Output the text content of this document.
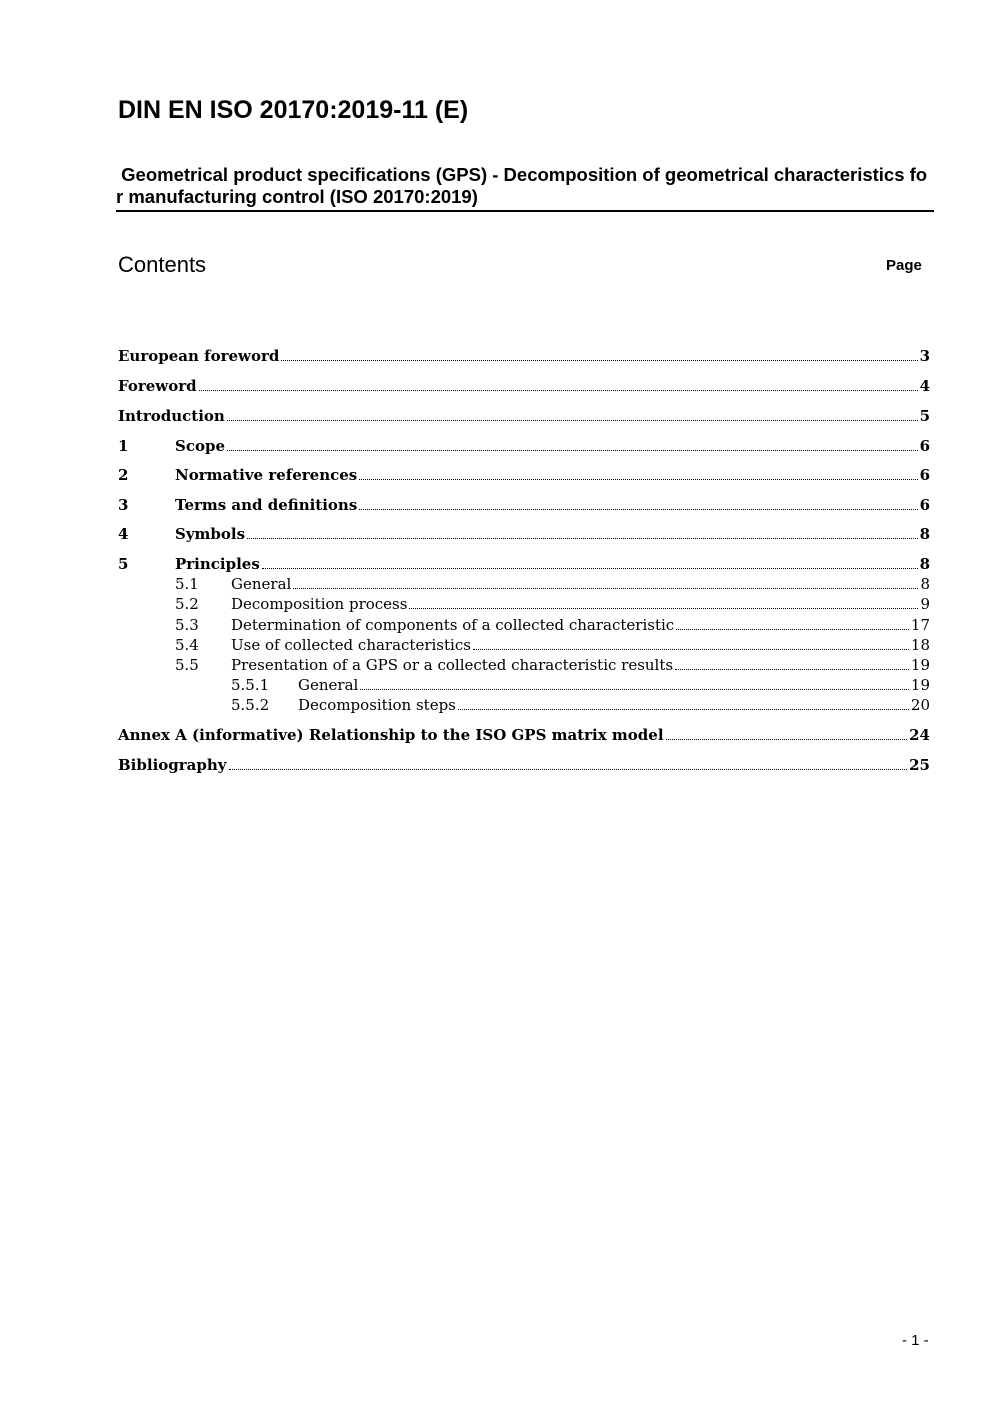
DIN EN ISO 20170:2019-11 (E)
Geometrical product specifications (GPS) - Decomposition of geometrical characteristics for manufacturing control (ISO 20170:2019)
Contents	Page
European foreword	3
Foreword	4
Introduction	5
1	Scope	6
2	Normative references	6
3	Terms and definitions	6
4	Symbols	8
5	Principles	8
5.1	General	8
5.2	Decomposition process	9
5.3	Determination of components of a collected characteristic	17
5.4	Use of collected characteristics	18
5.5	Presentation of a GPS or a collected characteristic results	19
5.5.1	General	19
5.5.2	Decomposition steps	20
Annex A (informative) Relationship to the ISO GPS matrix model	24
Bibliography	25
- 1 -
